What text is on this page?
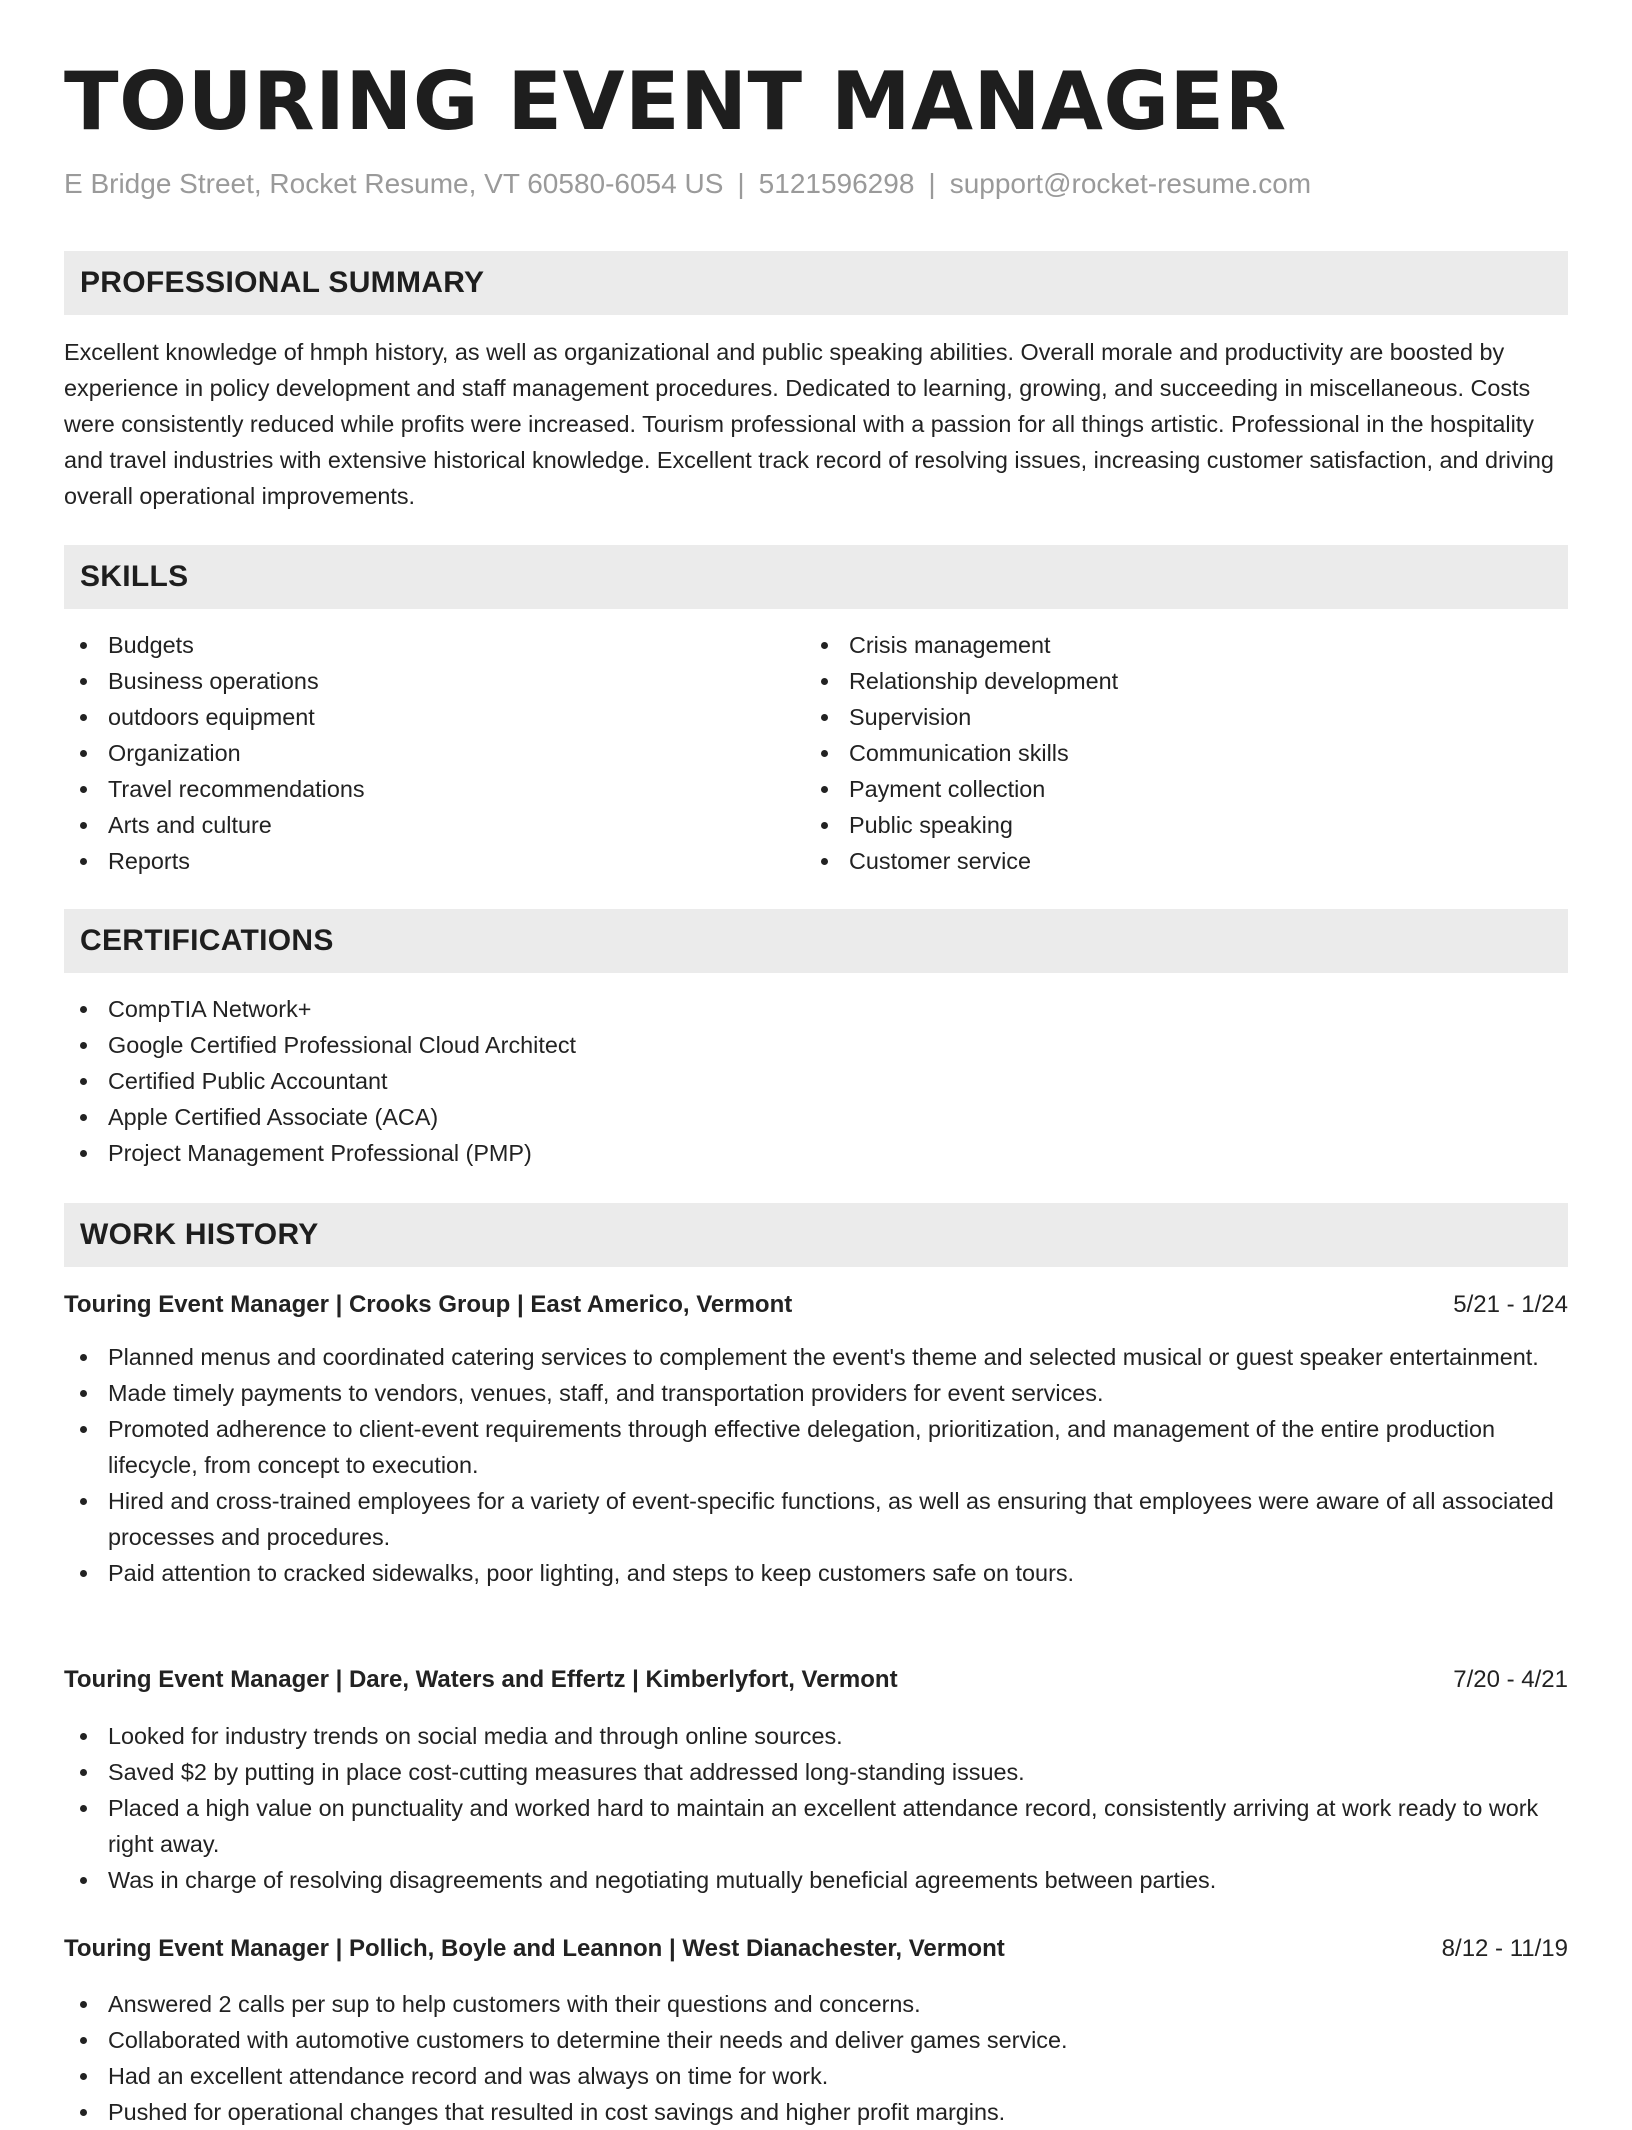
TOURING EVENT MANAGER
E Bridge Street, Rocket Resume, VT 60580-6054 US | 5121596298 | support@rocket-resume.com
PROFESSIONAL SUMMARY

Excellent knowledge of hmph history, as well as organizational and public speaking abilities. Overall morale and productivity are boosted by experience in policy development and staff management procedures. Dedicated to learning, growing, and succeeding in miscellaneous. Costs were consistently reduced while profits were increased. Tourism professional with a passion for all things artistic. Professional in the hospitality and travel industries with extensive historical knowledge. Excellent track record of resolving issues, increasing customer satisfaction, and driving overall operational improvements.

SKILLS
Budgets
Business operations
outdoors equipment
Organization
Travel recommendations
Arts and culture
Reports
Crisis management
Relationship development
Supervision
Communication skills
Payment collection
Public speaking
Customer service
CERTIFICATIONS
CompTIA Network+
Google Certified Professional Cloud Architect
Certified Public Accountant
Apple Certified Associate (ACA)
Project Management Professional (PMP)
WORK HISTORY
Touring Event Manager | Crooks Group | East Americo, Vermont	5/21 - 1/24
Planned menus and coordinated catering services to complement the event's theme and selected musical or guest speaker entertainment.
Made timely payments to vendors, venues, staff, and transportation providers for event services.
Promoted adherence to client-event requirements through effective delegation, prioritization, and management of the entire production lifecycle, from concept to execution.
Hired and cross-trained employees for a variety of event-specific functions, as well as ensuring that employees were aware of all associated processes and procedures.
Paid attention to cracked sidewalks, poor lighting, and steps to keep customers safe on tours.
Touring Event Manager | Dare, Waters and Effertz | Kimberlyfort, Vermont	7/20 - 4/21
Looked for industry trends on social media and through online sources.
Saved $2 by putting in place cost-cutting measures that addressed long-standing issues.
Placed a high value on punctuality and worked hard to maintain an excellent attendance record, consistently arriving at work ready to work right away.
Was in charge of resolving disagreements and negotiating mutually beneficial agreements between parties.
Touring Event Manager | Pollich, Boyle and Leannon | West Dianachester, Vermont	8/12 - 11/19
Answered 2 calls per sup to help customers with their questions and concerns.
Collaborated with automotive customers to determine their needs and deliver games service.
Had an excellent attendance record and was always on time for work.
Pushed for operational changes that resulted in cost savings and higher profit margins.
